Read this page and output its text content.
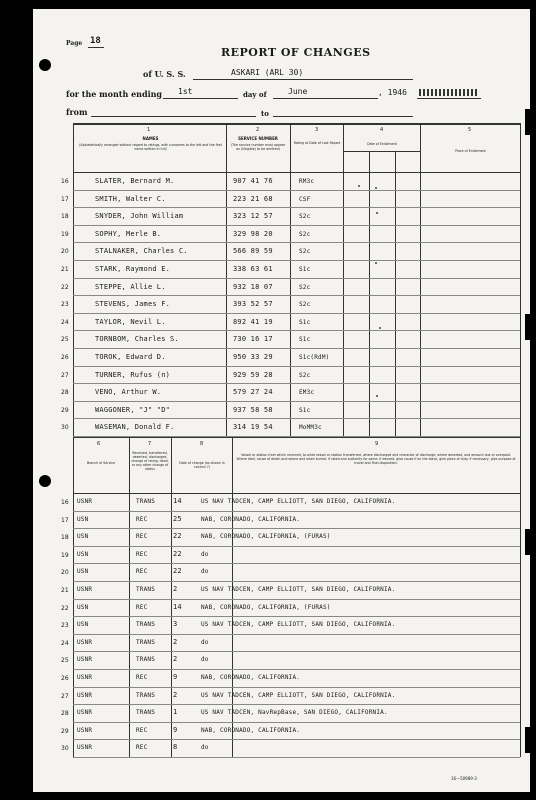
Page 18
REPORT OF CHANGES
of U. S. S.	ASKARI (ARL 30)
for the month ending 1st	day of	June	, 1946
from	to
1	2	3	4	5
NAMES
(Alphabetically arranged without regard to ratings, with surnames to the left and the first name written in full)
SERVICE NUMBER
(The service number must appear on (Illegible) to be omitted)
Rating at Date of Last Report	Date of Enlistment
Place of Enlistment
16	SLATER, Bernard M.	907 41 76	RM3c
17	SMITH, Walter C.	223 21 68	CSF
18	SNYDER, John William	323 12 57	S2c
19	SOPHY, Merle B.	329 98 20	S2c
20	STALNAKER, Charles C.	566 89 59	S2c
21	STARK, Raymond E.	338 63 61	S1c
22	STEPPE, Allie L.	932 18 07	S2c
23	STEVENS, James F.	393 52 57	S2c
24	TAYLOR, Nevil L.	892 41 19	S1c
25	TORNBOM, Charles S.	730 16 17	S1c
26	TOROK, Edward D.	950 33 29	S1c(RdM)
27	TURNER, Rufus (n)	929 59 28	S2c
28	VENO, Arthur W.	579 27 24	EM3c
29	WAGGONER, "J" "D"	937 58 58	S1c
30	WASEMAN, Donald F.	314 19 54	MoMM3c
6	7	8	9
Branch of Service
Received, transferred, deserted, discharged, change of rating, dead, or any other change of status
Date of change (as shown in column 7)
Vessel or station from which received, to what vessel or station transferred, where discharged and character of discharge; where deserted, and amount due or overpaid. Where died, cause of death and where and when buried. If rated and authority for same. If desired, give cause if on the leave, give place of duty. If necessary, give purpose of travel and final disposition.
16 USNR	TRANS	14	US NAV TADCEN, CAMP ELLIOTT, SAN DIEGO, CALIFORNIA.
17 USN	REC	25	NAB, CORONADO, CALIFORNIA.
18 USN	REC	22	NAB, CORONADO, CALIFORNIA, (FURAS)
19 USN	REC	22	do
20 USN	REC	22	do
21 USNR	TRANS	2	US NAV TADCEN, CAMP ELLIOTT, SAN DIEGO, CALIFORNIA.
22 USN	REC	14	NAB, CORONADO, CALIFORNIA, (FURAS)
23 USN	TRANS	3	US NAV TADCEN, CAMP ELLIOTT, SAN DIEGO, CALIFORNIA.
24 USNR	TRANS	2	do
25 USNR	TRANS	2	do
26 USNR	REC	9	NAB, CORONADO, CALIFORNIA.
27 USNR	TRANS	2	US NAV TADCEN, CAMP ELLIOTT, SAN DIEGO, CALIFORNIA.
28 USNR	TRANS	1	US NAV TADCEN, NavRepBase, SAN DIEGO, CALIFORNIA.
29 USNR	REC	9	NAB, CORONADO, CALIFORNIA.
30 USNR	REC	8	do
16—50989-3
